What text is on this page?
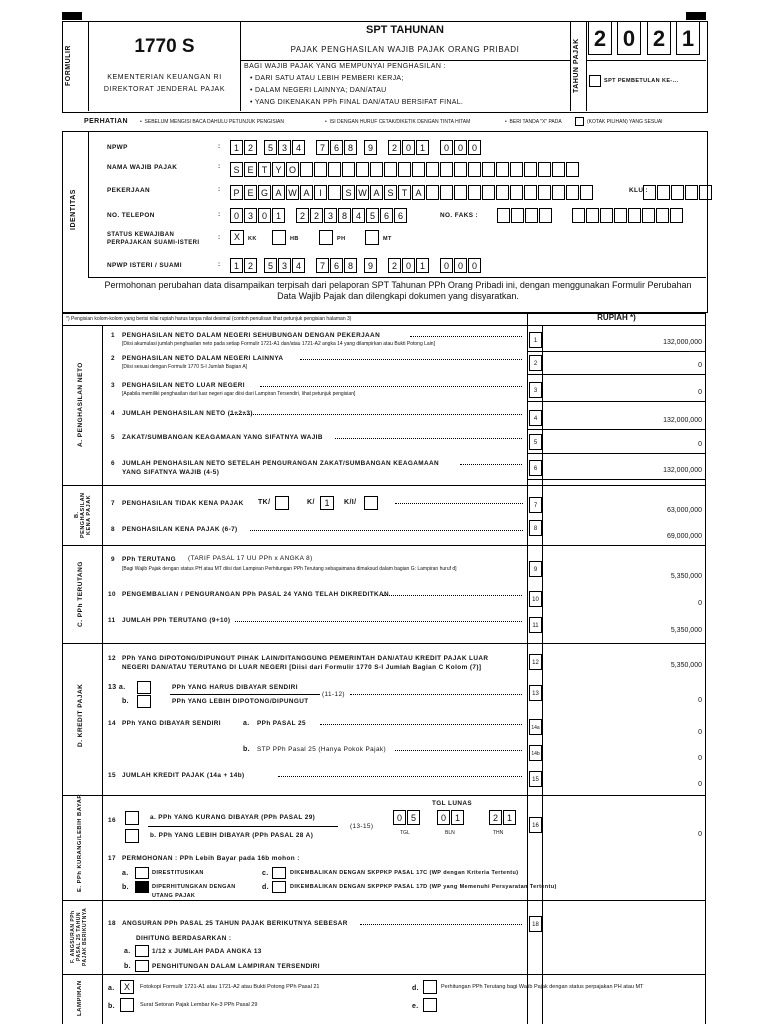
FORMULIR	1770 S
KEMENTERIAN KEUANGAN RI
DIREKTORAT JENDERAL PAJAK
SPT TAHUNAN
PAJAK PENGHASILAN WAJIB PAJAK ORANG PRIBADI
BAGI WAJIB PAJAK YANG MEMPUNYAI PENGHASILAN :
• DARI SATU ATAU LEBIH PEMBERI KERJA;
• DALAM NEGERI LAINNYA; DAN/ATAU
• YANG DIKENAKAN PPh FINAL DAN/ATAU BERSIFAT FINAL.
TAHUN PAJAK
2 0 2 1
SPT PEMBETULAN KE-...
PERHATIAN •  SEBELUM MENGISI BACA DAHULU PETUNJUK PENGISIAN	•  ISI DENGAN HURUF CETAK/DIKETIK DENGAN TINTA HITAM	•  BERI TANDA "X" PADA	(KOTAK PILIHAN) YANG SESUAI
IDENTITAS
NPWP	:	1 2	5 3 4	7 6 8	9	2 0 1	0 0 0
NAMA WAJIB PAJAK	:	S E T Y O
PEKERJAAN	:	P E G A W A	I	S W A S T A	KLU :
NO. TELEPON	:	0 3 0 1	2 2 3 8 4 5 6 6	NO. FAKS :
STATUS KEWAJIBAN
PERPAJAKAN SUAMI-ISTERI
:	X	KK	HB	PH	MT
NPWP ISTERI / SUAMI	:	1 2	5 3 4	7 6 8	9	2 0 1	0 0 0
Permohonan perubahan data disampaikan terpisah dari pelaporan SPT Tahunan PPh Orang Pribadi ini, dengan menggunakan Formulir Perubahan Data Wajib Pajak dan dilengkapi dokumen yang disyaratkan.
*) Pengisian kolom-kolom yang berisi nilai rupiah harus tanpa nilai desimal (contoh penulisan lihat petunjuk pengisian halaman 3)	RUPIAH *)
A. PENGHASILAN NETO
B. PENGHASILAN KENA PAJAK
C. PPh TERUTANG
D. KREDIT PAJAK
E. PPh KURANG/LEBIH BAYAR
F. ANGSURAN PPh PASAL 25 TAHUN PAJAK BERIKUTNYA
LAMPIRAN
1 PENGHASILAN NETO DALAM NEGERI SEHUBUNGAN DENGAN PEKERJAAN
[Diisi akumulasi jumlah penghasilan neto pada setiap Formulir 1721-A1 dan/atau 1721-A2 angka 14 yang dilampirkan atau Bukti Potong Lain]	1	132,000,000
2 PENGHASILAN NETO DALAM NEGERI LAINNYA
[Diisi sesuai dengan Formulir 1770 S-I Jumlah Bagian A]	2	0
3 PENGHASILAN NETO LUAR NEGERI
[Apabila memiliki penghasilan dari luar negeri agar diisi dari Lampiran Tersendiri, lihat petunjuk pengisian]	3	0
4 JUMLAH PENGHASILAN NETO (1+2+3)
4	132,000,000
5 ZAKAT/SUMBANGAN KEAGAMAAN YANG SIFATNYA WAJIB
5	0
6 JUMLAH PENGHASILAN NETO SETELAH PENGURANGAN ZAKAT/SUMBANGAN KEAGAMAAN
YANG SIFATNYA WAJIB (4-5)	6	132,000,000
7 PENGHASILAN TIDAK KENA PAJAK TK/	K/	1	K/I/
8 PENGHASILAN KENA PAJAK (6-7)
7
63,000,000
8
69,000,000
9 PPh TERUTANG (TARIF PASAL 17 UU PPh x ANGKA 8)
[Bagi Wajib Pajak dengan status PH atau MT diisi dari Lampiran Perhitungan PPh Terutang sebagaimana dimaksud dalam bagian G: Lampiran huruf d]	9
5,350,000
10 PENGEMBALIAN / PENGURANGAN PPh PASAL 24 YANG TELAH DIKREDITKAN
10	0
11 JUMLAH PPh TERUTANG (9+10)
11
5,350,000
12 PPh YANG DIPOTONG/DIPUNGUT PIHAK LAIN/DITANGGUNG PEMERINTAH DAN/ATAU KREDIT PAJAK LUAR
NEGERI DAN/ATAU TERUTANG DI LUAR NEGERI [Diisi dari Formulir 1770 S-I Jumlah Bagian C Kolom (7)]
12	5,350,000
13 a.	PPh YANG HARUS DIBAYAR SENDIRI
b.	PPh YANG LEBIH DIPOTONG/DIPUNGUT
(11-12)	13
0
14 PPh YANG DIBAYAR SENDIRI	a. PPh PASAL 25
14a
0
b. STP PPh Pasal 25 (Hanya Pokok Pajak)
14b
0
15 JUMLAH KREDIT PAJAK (14a + 14b)
15
0
TGL LUNAS
16	a. PPh YANG KURANG DIBAYAR (PPh PASAL 29)
b. PPh YANG LEBIH DIBAYAR (PPh PASAL 28 A)
(13-15)
0 5	0 1	2 1
TGL	BLN	THN
16
0
17 PERMOHONAN : PPh Lebih Bayar pada 16b mohon :
a.	DIRESTITUSIKAN
b.	DIPERHITUNGKAN DENGAN
UTANG PAJAK
c.	DIKEMBALIKAN DENGAN SKPPKP PASAL 17C (WP dengan Kriteria Tertentu)
d.	DIKEMBALIKAN DENGAN SKPPKP PASAL 17D (WP yang Memenuhi Persyaratan Tertentu)
18 ANGSURAN PPh PASAL 25 TAHUN PAJAK BERIKUTNYA SEBESAR	18
DIHITUNG BERDASARKAN :
a.	1/12 x JUMLAH PADA ANGKA 13
b.	PENGHITUNGAN DALAM LAMPIRAN TERSENDIRI
a.	X	Fotokopi Formulir 1721-A1 atau 1721-A2 atau Bukti Potong PPh Pasal 21
b.	Surat Setoran Pajak Lembar Ke-3 PPh Pasal 29
d.	Perhitungan PPh Terutang bagi Wajib Pajak dengan status perpajakan PH atau MT
e.
